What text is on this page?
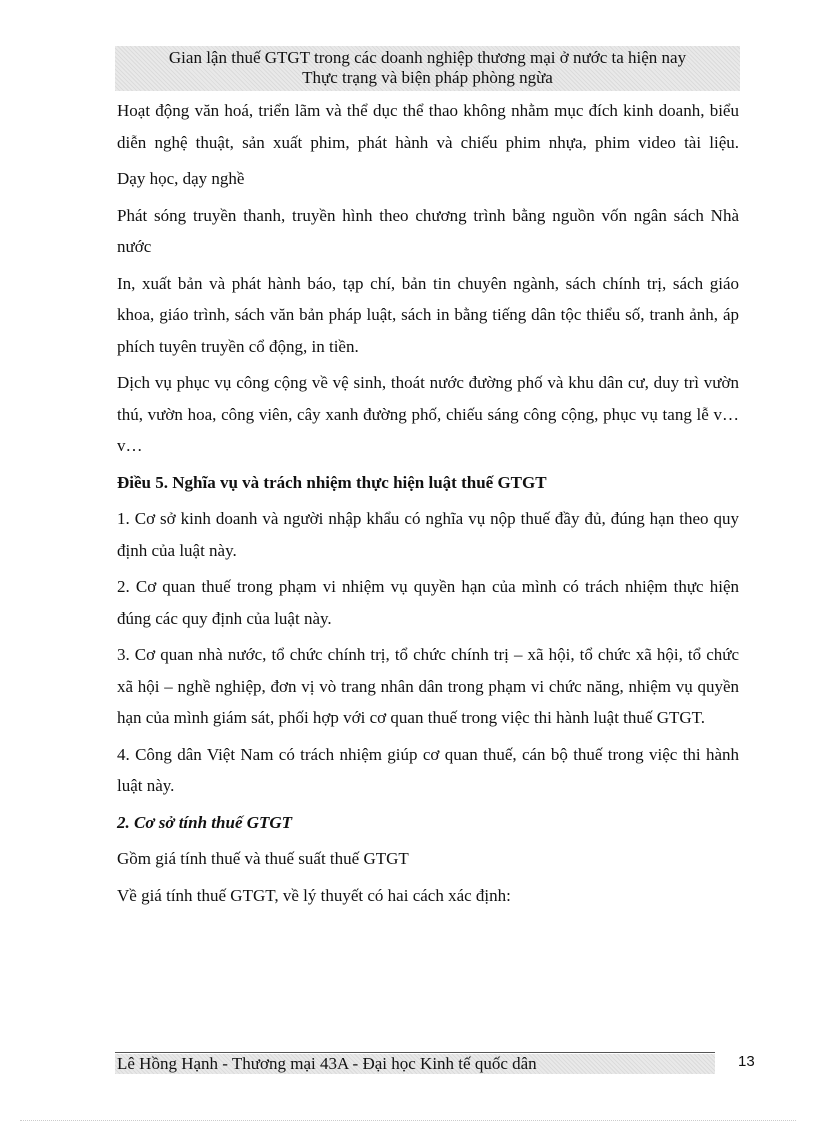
Gian lận thuế GTGT trong các doanh nghiệp thương mại ở nước ta hiện nay
Thực trạng và biện pháp phòng ngừa

Hoạt động văn hoá, triển lãm và thể dục thể thao không nhằm mục đích kinh doanh, biểu diễn nghệ thuật, sản xuất phim, phát hành và chiếu phim nhựa, phim video tài liệu.

Dạy học, dạy nghề

Phát sóng truyền thanh, truyền hình theo chương trình bằng nguồn vốn ngân sách Nhà nước

In, xuất bản và phát hành báo, tạp chí, bản tin chuyên ngành, sách chính trị, sách giáo khoa, giáo trình, sách văn bản pháp luật, sách in bằng tiếng dân tộc thiểu số, tranh ảnh, áp phích tuyên truyền cổ động, in tiền.

Dịch vụ phục vụ công cộng về vệ sinh, thoát nước đường phố và khu dân cư, duy trì vườn thú, vườn hoa, công viên, cây xanh đường phố, chiếu sáng công cộng, phục vụ tang lễ v…v…

Điều 5. Nghĩa vụ và trách nhiệm thực hiện luật thuế GTGT

1. Cơ sở kinh doanh và người nhập khẩu có nghĩa vụ nộp thuế đầy đủ, đúng hạn theo quy định của luật này.

2. Cơ quan thuế trong phạm vi nhiệm vụ quyền hạn của mình có trách nhiệm thực hiện đúng các quy định của luật này.

3. Cơ quan nhà nước, tổ chức chính trị, tổ chức chính trị – xã hội, tổ chức xã hội, tổ chức xã hội – nghề nghiệp, đơn vị vò trang nhân dân trong phạm vi chức năng, nhiệm vụ quyền hạn của mình giám sát, phối hợp với cơ quan thuế trong việc thi hành luật thuế GTGT.

4. Công dân Việt Nam có trách nhiệm giúp cơ quan thuế, cán bộ thuế trong việc thi hành luật này.

2. Cơ sở tính thuế GTGT

Gồm giá tính thuế và thuế suất thuế GTGT

Về giá tính thuế GTGT, về lý thuyết có hai cách xác định:

Lê Hồng Hạnh - Thương mại 43A - Đại học Kinh tế quốc dân	13
